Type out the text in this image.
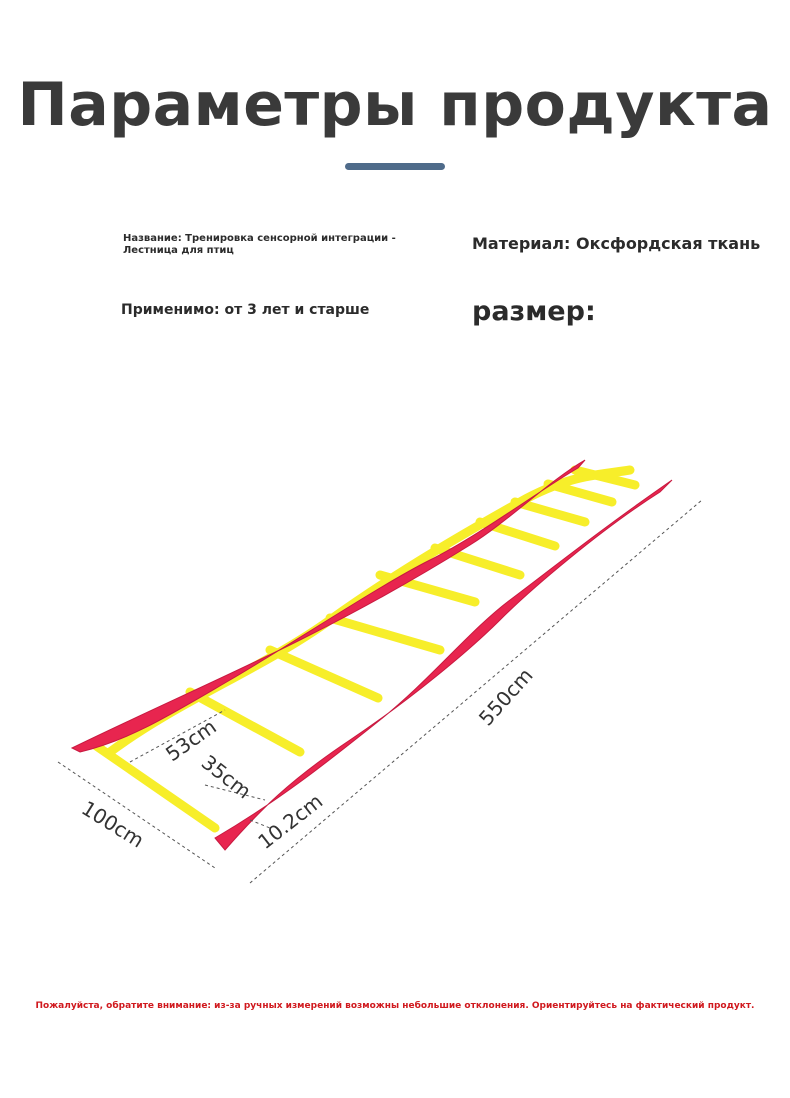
Параметры продукта
Название: Тренировка сенсорной интеграции - Лестница для птиц	Материал: Оксфордская ткань
Применимо: от 3 лет и старше	размер:
550cm
100cm
53cm
35cm
10.2cm
Пожалуйста, обратите внимание: из-за ручных измерений возможны небольшие отклонения. Ориентируйтесь на фактический продукт.
